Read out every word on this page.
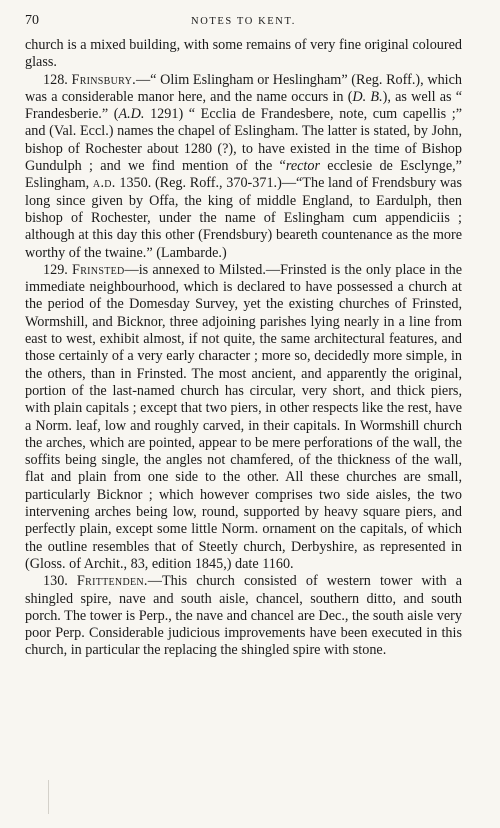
70	NOTES TO KENT.

church is a mixed building, with some remains of very fine original coloured glass.

128. Frinsbury.—“ Olim Eslingham or Heslingham” (Reg. Roff.), which was a considerable manor here, and the name occurs in (D. B.), as well as “ Frandesberie.” (A.D. 1291) “ Ecclia de Frandesbere, note, cum capellis ;” and (Val. Eccl.) names the chapel of Eslingham. The latter is stated, by John, bishop of Rochester about 1280 (?), to have existed in the time of Bishop Gundulph ; and we find mention of the “rector ecclesie de Esclynge,” Eslingham, a.d. 1350. (Reg. Roff., 370-371.)—“The land of Frendsbury was long since given by Offa, the king of middle England, to Eardulph, then bishop of Rochester, under the name of Eslingham cum appendiciis ; although at this day this other (Frendsbury) beareth countenance as the more worthy of the twaine.” (Lambarde.)

129. Frinsted—is annexed to Milsted.—Frinsted is the only place in the immediate neighbourhood, which is declared to have possessed a church at the period of the Domesday Survey, yet the existing churches of Frinsted, Wormshill, and Bicknor, three adjoining parishes lying nearly in a line from east to west, exhibit almost, if not quite, the same architectural features, and those certainly of a very early character ; more so, decidedly more simple, in the others, than in Frinsted. The most ancient, and apparently the original, portion of the last-named church has circular, very short, and thick piers, with plain capitals ; except that two piers, in other respects like the rest, have a Norm. leaf, low and roughly carved, in their capitals. In Wormshill church the arches, which are pointed, appear to be mere perforations of the wall, the soffits being single, the angles not chamfered, of the thickness of the wall, flat and plain from one side to the other. All these churches are small, particularly Bicknor ; which however comprises two side aisles, the two intervening arches being low, round, supported by heavy square piers, and perfectly plain, except some little Norm. ornament on the capitals, of which the outline resembles that of Steetly church, Derbyshire, as represented in (Gloss. of Archit., 83, edition 1845,) date 1160.

130. Frittenden.—This church consisted of western tower with a shingled spire, nave and south aisle, chancel, southern ditto, and south porch. The tower is Perp., the nave and chancel are Dec., the south aisle very poor Perp. Considerable judicious improvements have been executed in this church, in particular the replacing the shingled spire with stone.
